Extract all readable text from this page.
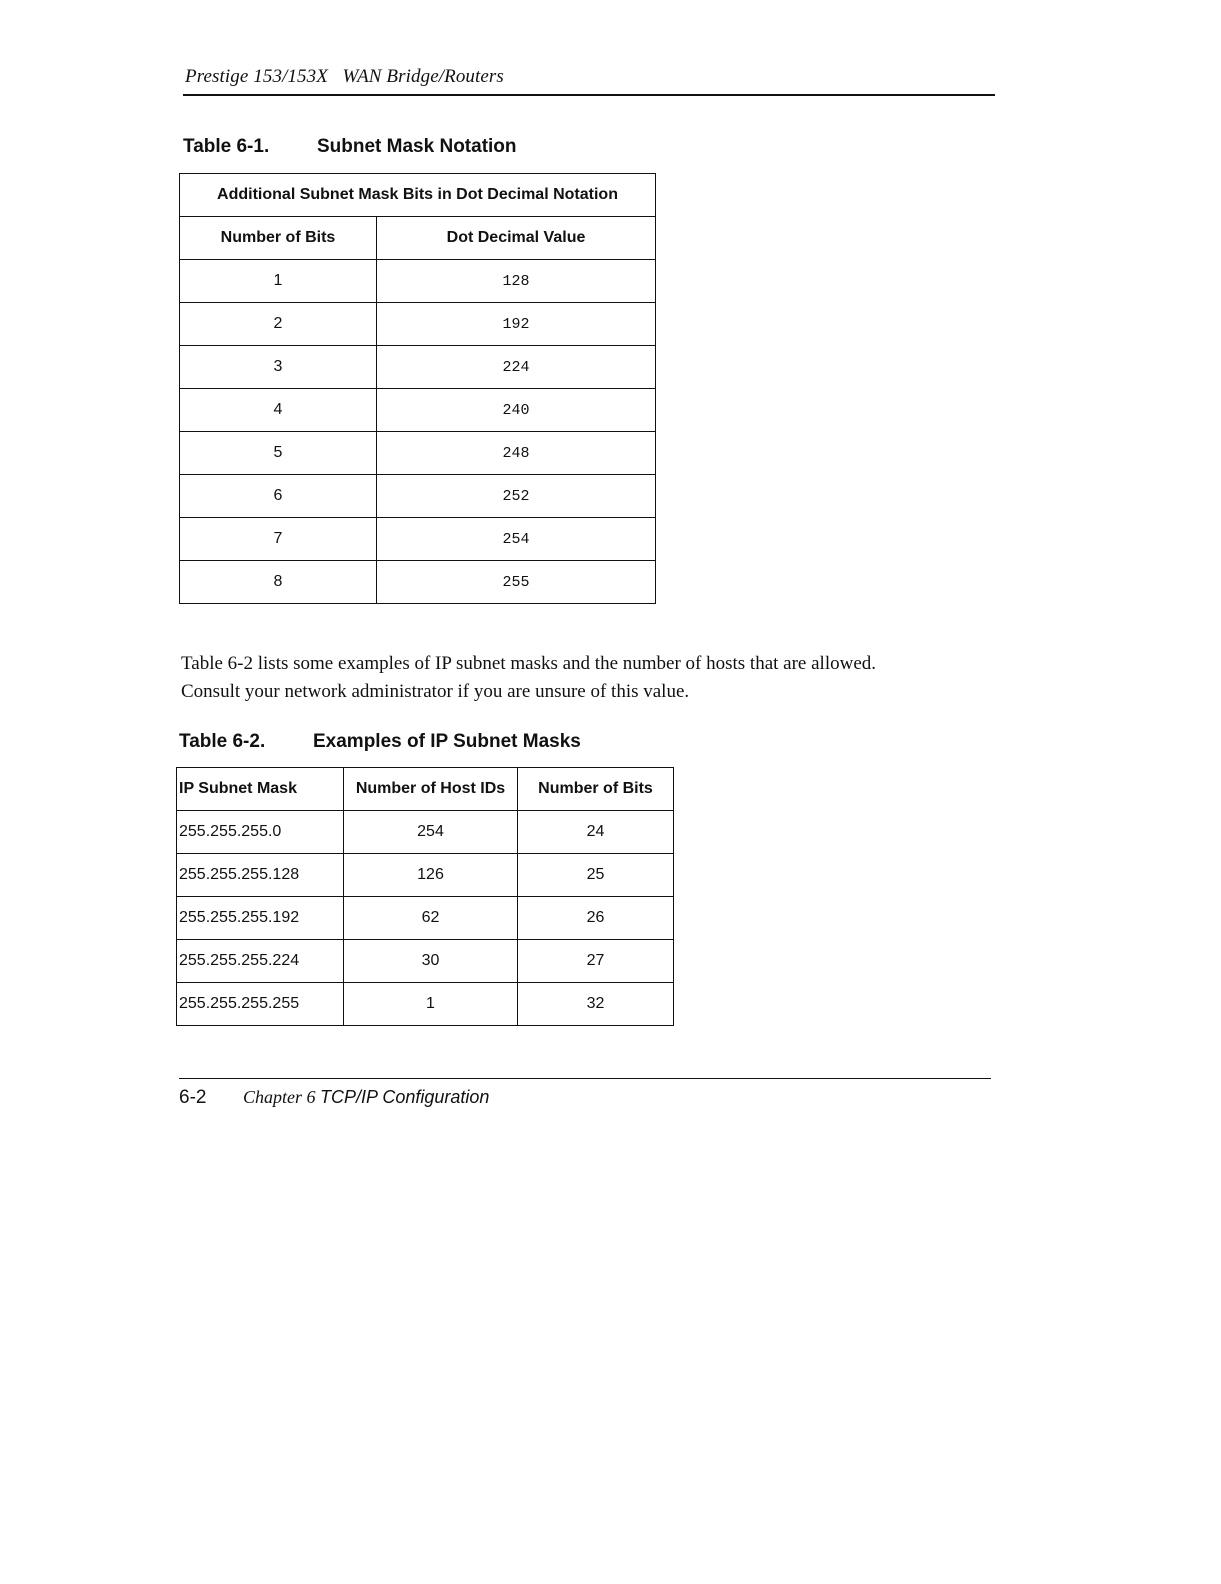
Prestige 153/153X   WAN Bridge/Routers
Table 6-1.	Subnet Mask Notation
Additional Subnet Mask Bits in Dot Decimal Notation	
Number of Bits	Dot Decimal Value
1	128
2	192
3	224
4	240
5	248
6	252
7	254
8	255

Table 6-2 lists some examples of IP subnet masks and the number of hosts that are allowed.

Consult your network administrator if you are unsure of this value.

Table 6-2.	Examples of IP Subnet Masks
IP Subnet Mask	Number of Host IDs	Number of Bits
255.255.255.0	254	24
255.255.255.128	126	25
255.255.255.192	62	26
255.255.255.224	30	27
255.255.255.255	1	32
6-2 Chapter 6 TCP/IP Configuration
